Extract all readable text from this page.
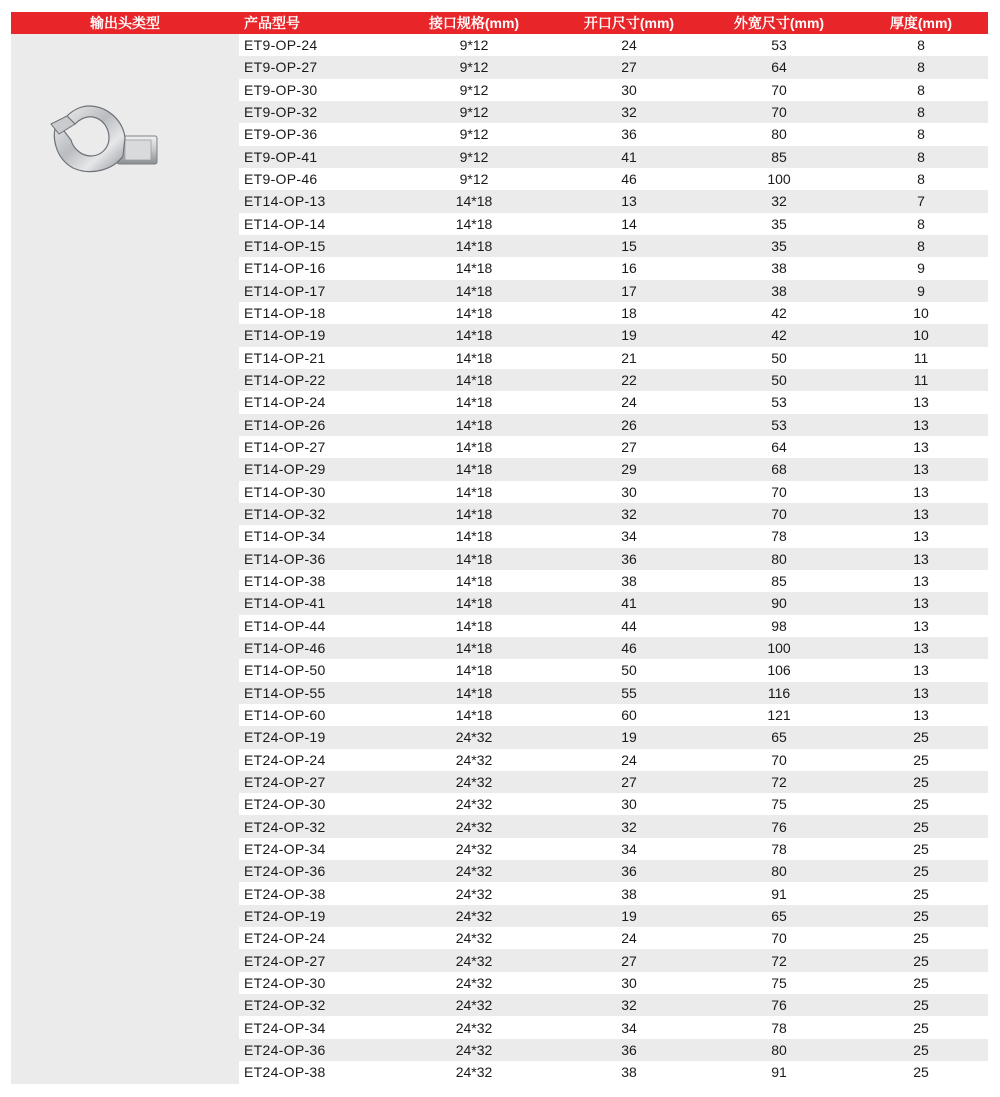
输出头类型	产品型号	接口规格(mm)	开口尺寸(mm)	外宽尺寸(mm)	厚度(mm)
ET9-OP-24	9*12	24	53	8
ET9-OP-27	9*12	27	64	8
ET9-OP-30	9*12	30	70	8
ET9-OP-32	9*12	32	70	8
ET9-OP-36	9*12	36	80	8
ET9-OP-41	9*12	41	85	8
ET9-OP-46	9*12	46	100	8
ET14-OP-13	14*18	13	32	7
ET14-OP-14	14*18	14	35	8
ET14-OP-15	14*18	15	35	8
ET14-OP-16	14*18	16	38	9
ET14-OP-17	14*18	17	38	9
ET14-OP-18	14*18	18	42	10
ET14-OP-19	14*18	19	42	10
ET14-OP-21	14*18	21	50	11
ET14-OP-22	14*18	22	50	11
ET14-OP-24	14*18	24	53	13
ET14-OP-26	14*18	26	53	13
ET14-OP-27	14*18	27	64	13
ET14-OP-29	14*18	29	68	13
ET14-OP-30	14*18	30	70	13
ET14-OP-32	14*18	32	70	13
ET14-OP-34	14*18	34	78	13
ET14-OP-36	14*18	36	80	13
ET14-OP-38	14*18	38	85	13
ET14-OP-41	14*18	41	90	13
ET14-OP-44	14*18	44	98	13
ET14-OP-46	14*18	46	100	13
ET14-OP-50	14*18	50	106	13
ET14-OP-55	14*18	55	116	13
ET14-OP-60	14*18	60	121	13
ET24-OP-19	24*32	19	65	25
ET24-OP-24	24*32	24	70	25
ET24-OP-27	24*32	27	72	25
ET24-OP-30	24*32	30	75	25
ET24-OP-32	24*32	32	76	25
ET24-OP-34	24*32	34	78	25
ET24-OP-36	24*32	36	80	25
ET24-OP-38	24*32	38	91	25
ET24-OP-19	24*32	19	65	25
ET24-OP-24	24*32	24	70	25
ET24-OP-27	24*32	27	72	25
ET24-OP-30	24*32	30	75	25
ET24-OP-32	24*32	32	76	25
ET24-OP-34	24*32	34	78	25
ET24-OP-36	24*32	36	80	25
ET24-OP-38	24*32	38	91	25
